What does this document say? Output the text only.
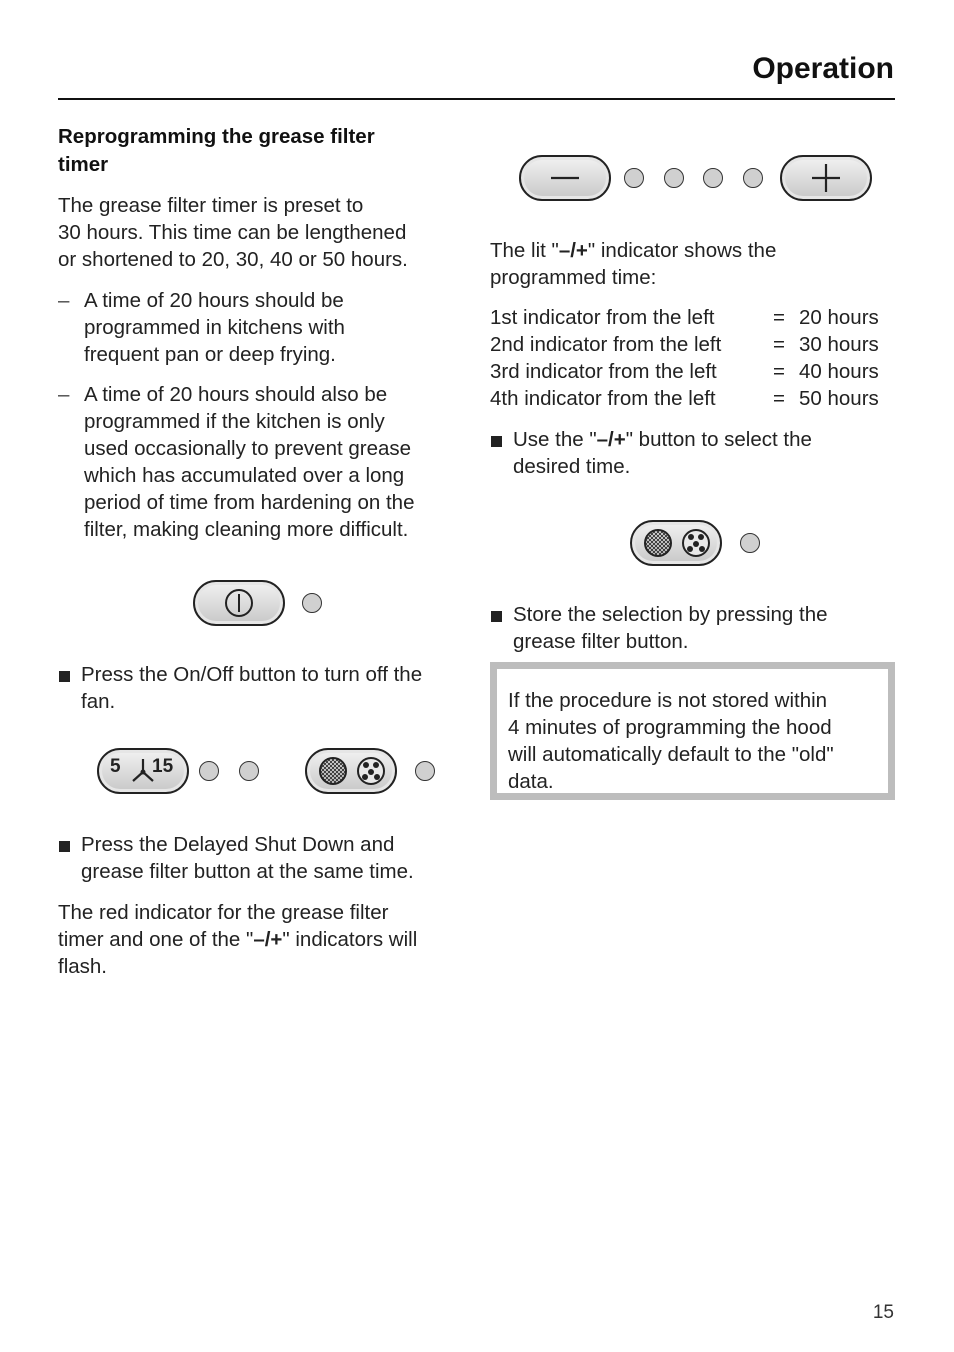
Operation
Reprogramming the grease filter
timer
The grease filter timer is preset to
30 hours. This time can be lengthened
or shortened to 20, 30, 40 or 50 hours.
– A time of 20 hours should be
programmed in kitchens with
frequent pan or deep frying.
– A time of 20 hours should also be
programmed if the kitchen is only
used occasionally to prevent grease
which has accumulated over a long
period of time from hardening on the
filter, making cleaning more difficult.
Press the On/Off button to turn off the
fan.
5 15
Press the Delayed Shut Down and
grease filter button at the same time.
The red indicator for the grease filter
timer and one of the "–/+" indicators will
flash.
The lit "–/+" indicator shows the
programmed time:
1st indicator from the left	= 20 hours
2nd indicator from the left	= 30 hours
3rd indicator from the left	= 40 hours
4th indicator from the left	= 50 hours
Use the "–/+" button to select the
desired time.
Store the selection by pressing the
grease filter button.
If the procedure is not stored within
4 minutes of programming the hood
will automatically default to the "old"
data.
15
